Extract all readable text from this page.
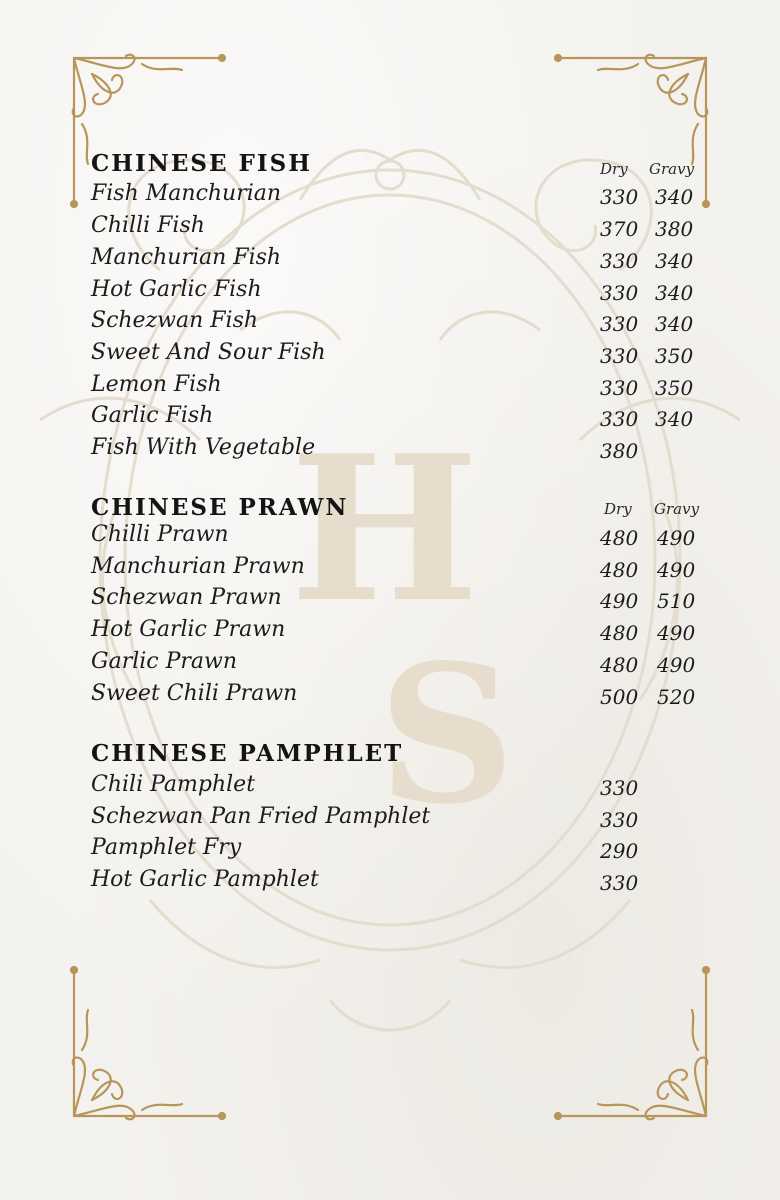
H
S
CHINESE FISH	Dry Gravy
Fish Manchurian	330 340
Chilli Fish	370 380
Manchurian Fish	330 340
Hot Garlic Fish	330 340
Schezwan Fish	330 340
Sweet And Sour Fish	330 350
Lemon Fish	330 350
Garlic Fish	330 340
Fish With Vegetable	380
CHINESE PRAWN	Dry Gravy
Chilli Prawn	480 490
Manchurian Prawn	480 490
Schezwan Prawn	490 510
Hot Garlic Prawn	480 490
Garlic Prawn	480 490
Sweet Chili Prawn	500 520
CHINESE PAMPHLET
Chili Pamphlet	330
Schezwan Pan Fried Pamphlet	330
Pamphlet Fry	290
Hot Garlic Pamphlet	330
